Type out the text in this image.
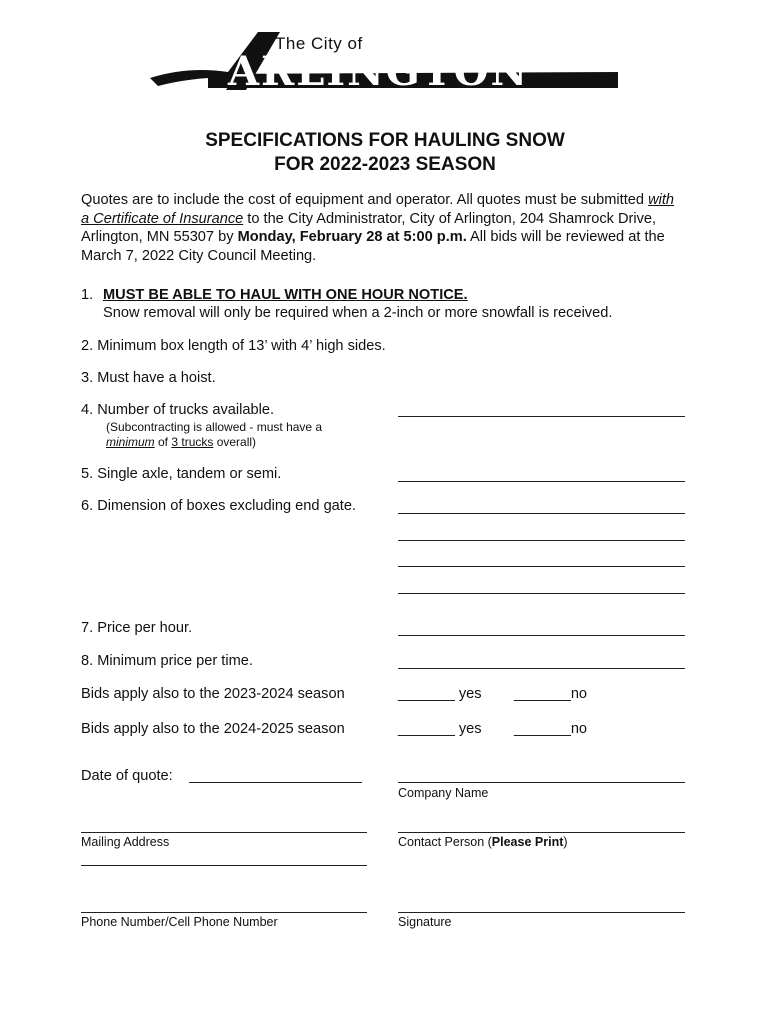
The City of
ARLINGTON
SPECIFICATIONS FOR HAULING SNOW
FOR 2022-2023 SEASON
Quotes are to include the cost of equipment and operator. All quotes must be submitted with a Certificate of Insurance to the City Administrator, City of Arlington, 204 Shamrock Drive, Arlington, MN 55307 by Monday, February 28 at 5:00 p.m. All bids will be reviewed at the March 7, 2022 City Council Meeting.
1. MUST BE ABLE TO HAUL WITH ONE HOUR NOTICE.
Snow removal will only be required when a 2-inch or more snowfall is received.
2. Minimum box length of 13’ with 4’ high sides.
3. Must have a hoist.
4. Number of trucks available.
(Subcontracting is allowed - must have a
minimum of 3 trucks overall)
5. Single axle, tandem or semi.
6. Dimension of boxes excluding end gate.
7. Price per hour.
8. Minimum price per time.
Bids apply also to the 2023-2024 season	_______ yes _______no
Bids apply also to the 2024-2025 season	_______ yes _______no
Date of quote:
Company Name
Mailing Address	Contact Person (Please Print)
Phone Number/Cell Phone Number	Signature
